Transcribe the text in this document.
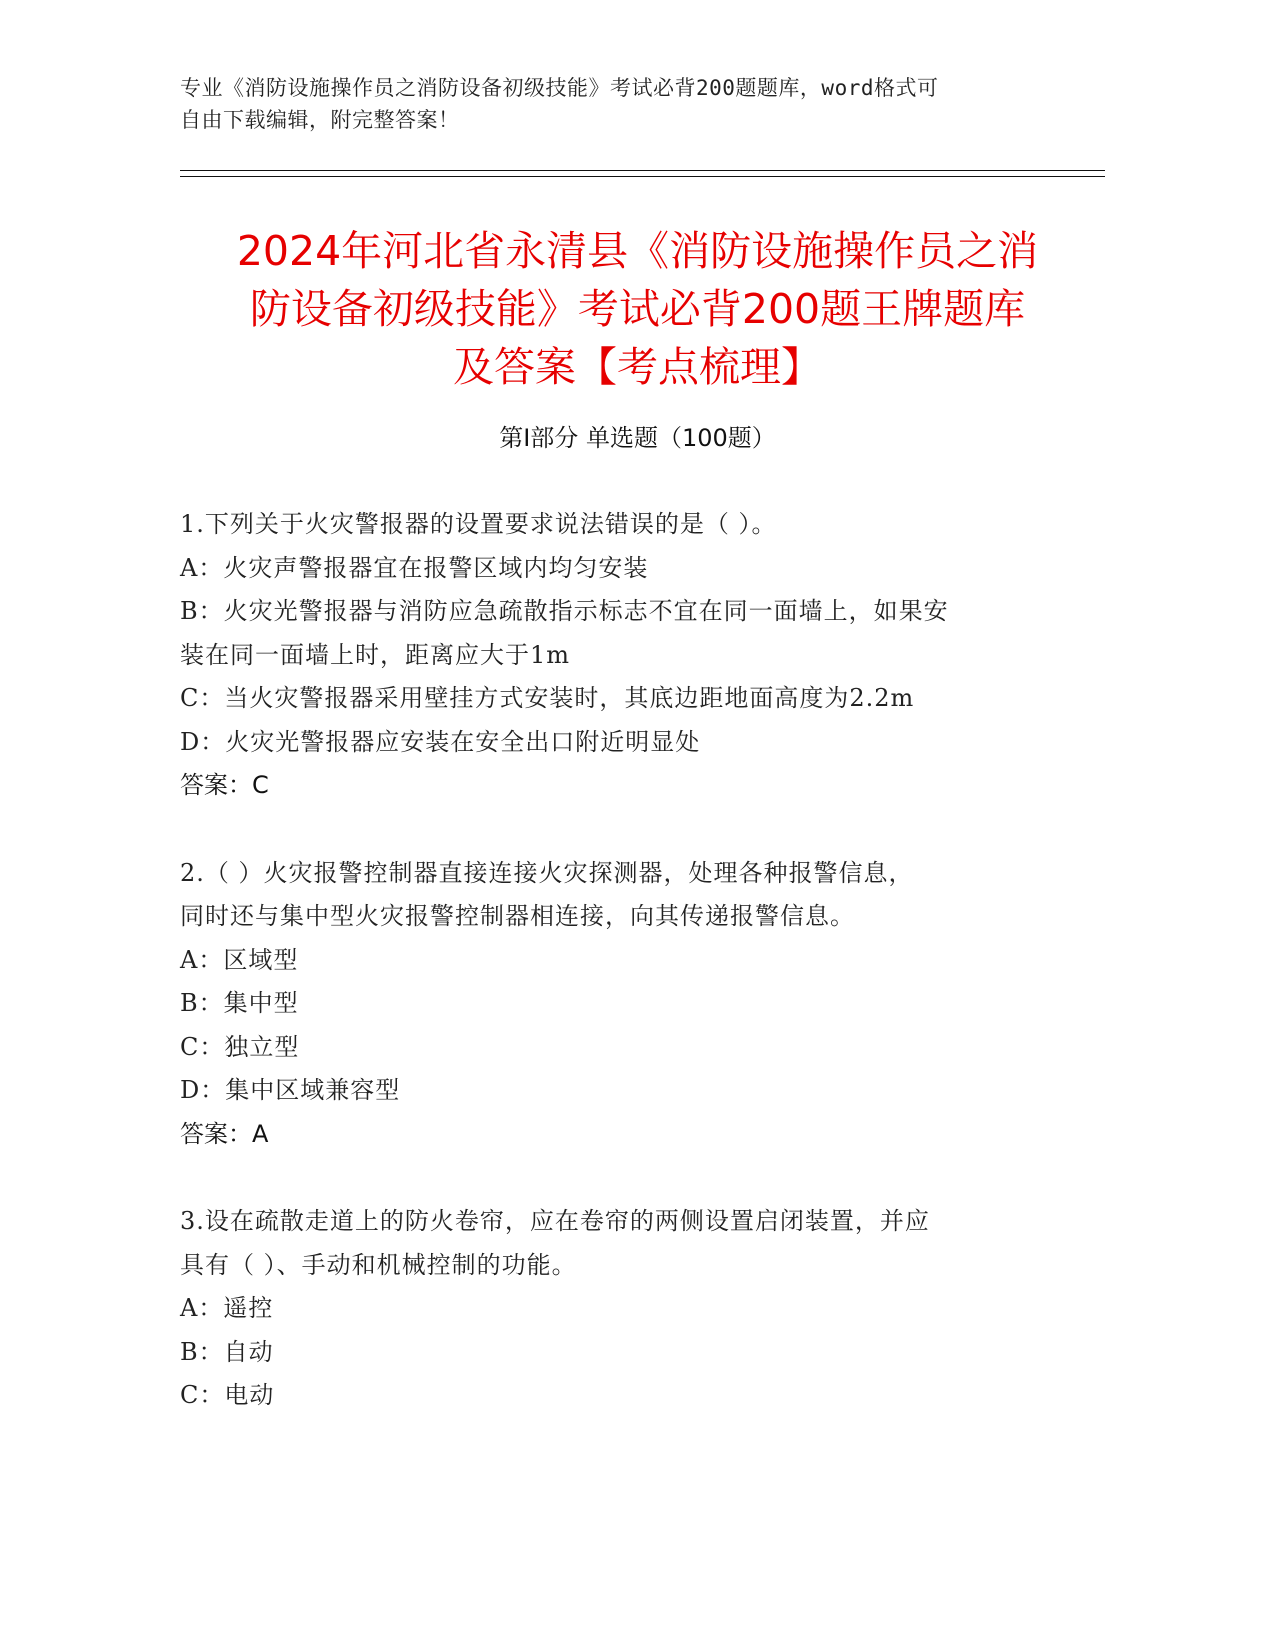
专业《消防设施操作员之消防设备初级技能》考试必背200题题库，word格式可
自由下载编辑，附完整答案！
2024年河北省永清县《消防设施操作员之消
防设备初级技能》考试必背200题王牌题库
及答案【考点梳理】
第Ⅰ部分 单选题（100题）
1.下列关于火灾警报器的设置要求说法错误的是（ ）。
A：火灾声警报器宜在报警区域内均匀安装
B：火灾光警报器与消防应急疏散指示标志不宜在同一面墙上，如果安
装在同一面墙上时，距离应大于1m
C：当火灾警报器采用壁挂方式安装时，其底边距地面高度为2.2m
D：火灾光警报器应安装在安全出口附近明显处
答案：C
2.（ ）火灾报警控制器直接连接火灾探测器，处理各种报警信息，
同时还与集中型火灾报警控制器相连接，向其传递报警信息。
A：区域型
B：集中型
C：独立型
D：集中区域兼容型
答案：A
3.设在疏散走道上的防火卷帘，应在卷帘的两侧设置启闭装置，并应
具有（ ）、手动和机械控制的功能。
A：遥控
B：自动
C：电动
